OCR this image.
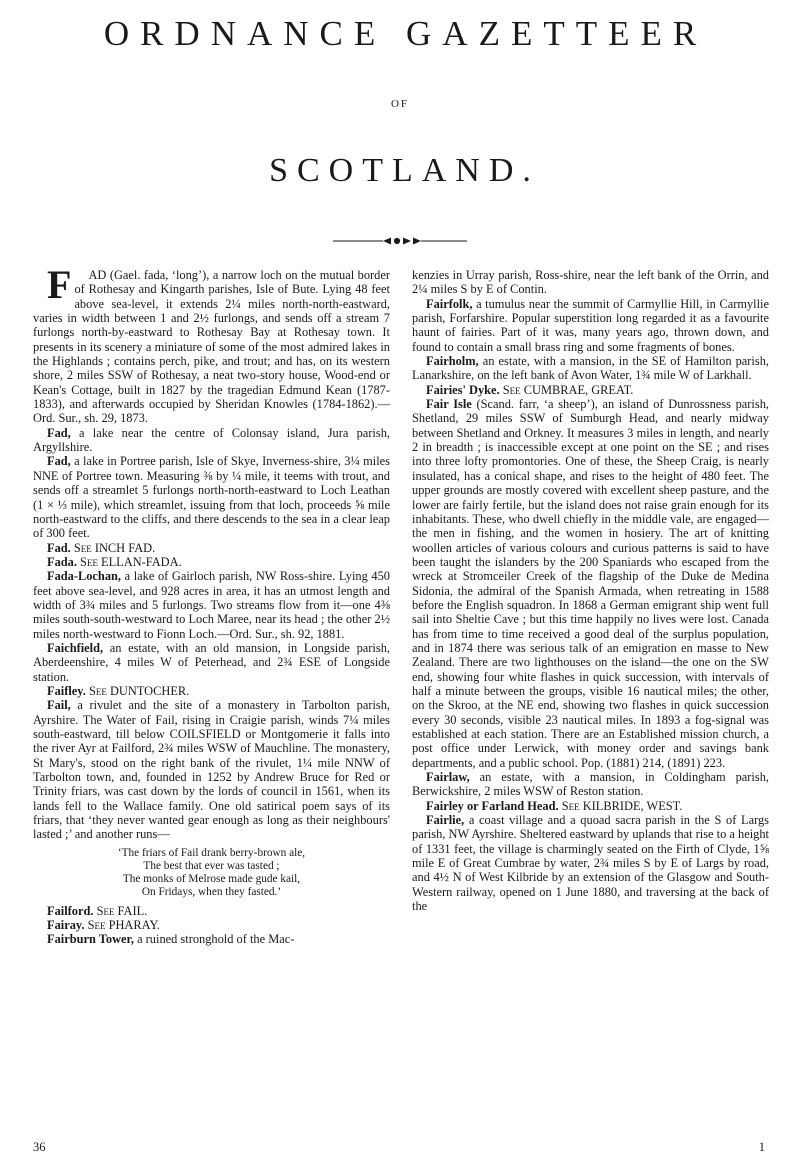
ORDNANCE GAZETTEER
OF
SCOTLAND.

F AD (Gael. fada, ‘long’), a narrow loch on the mutual border of Rothesay and Kingarth parishes, Isle of Bute. Lying 48 feet above sea-level, it extends 2¼ miles north-north-eastward, varies in width between 1 and 2½ furlongs, and sends off a stream 7 furlongs north-by-eastward to Rothesay Bay at Rothesay town. It presents in its scenery a miniature of some of the most admired lakes in the Highlands ; contains perch, pike, and trout; and has, on its western shore, 2 miles SSW of Rothesay, a neat two-story house, Wood-end or Kean's Cottage, built in 1827 by the tragedian Edmund Kean (1787-1833), and afterwards occupied by Sheridan Knowles (1784-1862).—Ord. Sur., sh. 29, 1873.

Fad, a lake near the centre of Colonsay island, Jura parish, Argyllshire.

Fad, a lake in Portree parish, Isle of Skye, Inverness-shire, 3¼ miles NNE of Portree town. Measuring ⅜ by ¼ mile, it teems with trout, and sends off a streamlet 5 furlongs north-north-eastward to Loch Leathan (1 × ⅓ mile), which streamlet, issuing from that loch, proceeds ⅝ mile north-eastward to the cliffs, and there descends to the sea in a clear leap of 300 feet.

Fad. See INCH FAD.

Fada. See ELLAN-FADA.

Fada-Lochan, a lake of Gairloch parish, NW Ross-shire. Lying 450 feet above sea-level, and 928 acres in area, it has an utmost length and width of 3¾ miles and 5 furlongs. Two streams flow from it—one 4⅜ miles south-south-westward to Loch Maree, near its head ; the other 2½ miles north-westward to Fionn Loch.—Ord. Sur., sh. 92, 1881.

Faichfield, an estate, with an old mansion, in Longside parish, Aberdeenshire, 4 miles W of Peterhead, and 2¾ ESE of Longside station.

Faifley. See DUNTOCHER.

Fail, a rivulet and the site of a monastery in Tarbolton parish, Ayrshire. The Water of Fail, rising in Craigie parish, winds 7¼ miles south-eastward, till below COILSFIELD or Montgomerie it falls into the river Ayr at Failford, 2¾ miles WSW of Mauchline. The monastery, St Mary's, stood on the right bank of the rivulet, 1¼ mile NNW of Tarbolton town, and, founded in 1252 by Andrew Bruce for Red or Trinity friars, was cast down by the lords of council in 1561, when its lands fell to the Wallace family. One old satirical poem says of its friars, that ‘they never wanted gear enough as long as their neighbours' lasted ;’ and another runs—

‘The friars of Fail drank berry-brown ale,
The best that ever was tasted ;
The monks of Melrose made gude kail,
On Fridays, when they fasted.’

Failford. See FAIL.

Fairay. See PHARAY.

Fairburn Tower, a ruined stronghold of the Mac-

kenzies in Urray parish, Ross-shire, near the left bank of the Orrin, and 2¼ miles S by E of Contin.

Fairfolk, a tumulus near the summit of Carmyllie Hill, in Carmyllie parish, Forfarshire. Popular superstition long regarded it as a favourite haunt of fairies. Part of it was, many years ago, thrown down, and found to contain a small brass ring and some fragments of bones.

Fairholm, an estate, with a mansion, in the SE of Hamilton parish, Lanarkshire, on the left bank of Avon Water, 1¾ mile W of Larkhall.

Fairies' Dyke. See CUMBRAE, GREAT.

Fair Isle (Scand. farr, ‘a sheep’), an island of Dunrossness parish, Shetland, 29 miles SSW of Sumburgh Head, and nearly midway between Shetland and Orkney. It measures 3 miles in length, and nearly 2 in breadth ; is inaccessible except at one point on the SE ; and rises into three lofty promontories. One of these, the Sheep Craig, is nearly insulated, has a conical shape, and rises to the height of 480 feet. The upper grounds are mostly covered with excellent sheep pasture, and the lower are fairly fertile, but the island does not raise grain enough for its inhabitants. These, who dwell chiefly in the middle vale, are engaged—the men in fishing, and the women in hosiery. The art of knitting woollen articles of various colours and curious patterns is said to have been taught the islanders by the 200 Spaniards who escaped from the wreck at Stromceiler Creek of the flagship of the Duke de Medina Sidonia, the admiral of the Spanish Armada, when retreating in 1588 before the English squadron. In 1868 a German emigrant ship went full sail into Sheltie Cave ; but this time happily no lives were lost. Canada has from time to time received a good deal of the surplus population, and in 1874 there was serious talk of an emigration en masse to New Zealand. There are two lighthouses on the island—the one on the SW end, showing four white flashes in quick succession, with intervals of half a minute between the groups, visible 16 nautical miles; the other, on the Skroo, at the NE end, showing two flashes in quick succession every 30 seconds, visible 23 nautical miles. In 1893 a fog-signal was established at each station. There are an Established mission church, a post office under Lerwick, with money order and savings bank departments, and a public school. Pop. (1881) 214, (1891) 223.

Fairlaw, an estate, with a mansion, in Coldingham parish, Berwickshire, 2 miles WSW of Reston station.

Fairley or Farland Head. See KILBRIDE, WEST.

Fairlie, a coast village and a quoad sacra parish in the S of Largs parish, NW Ayrshire. Sheltered eastward by uplands that rise to a height of 1331 feet, the village is charmingly seated on the Firth of Clyde, 1⅝ mile E of Great Cumbrae by water, 2¾ miles S by E of Largs by road, and 4½ N of West Kilbride by an extension of the Glasgow and South-Western railway, opened on 1 June 1880, and traversing at the back of the

36	1
